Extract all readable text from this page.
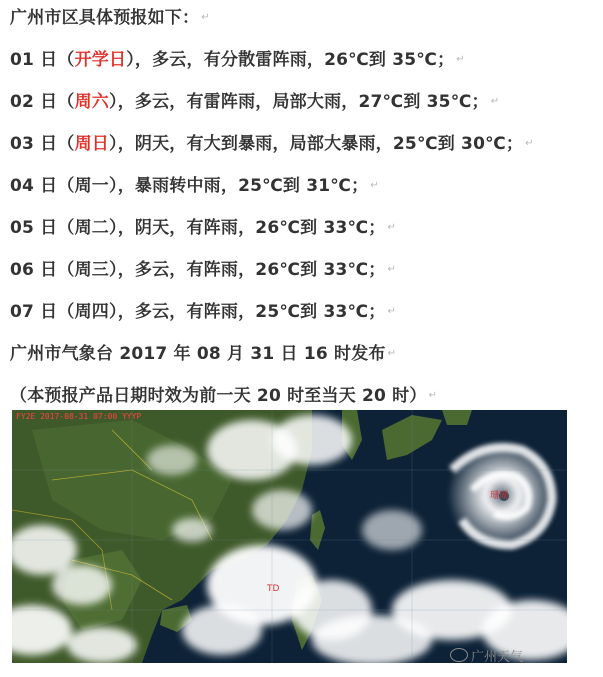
广州市区具体预报如下： ↵
01 日（开学日），多云，有分散雷阵雨，26℃到 35℃； ↵
02 日（周六），多云，有雷阵雨，局部大雨，27℃到 35℃； ↵
03 日（周日），阴天，有大到暴雨，局部大暴雨，25℃到 30℃； ↵
04 日（周一），暴雨转中雨，25℃到 31℃； ↵
05 日（周二），阴天，有阵雨，26℃到 33℃； ↵
06 日（周三），多云，有阵雨，26℃到 33℃； ↵
07 日（周四），多云，有阵雨，25℃到 33℃； ↵
广州市气象台 2017 年 08 月 31 日 16 时发布 ↵
（本预报产品日期时效为前一天 20 时至当天 20 时） ↵
FY2E 2017-08-31 07:00 YYYP
珊瑚
TD
广州天气
